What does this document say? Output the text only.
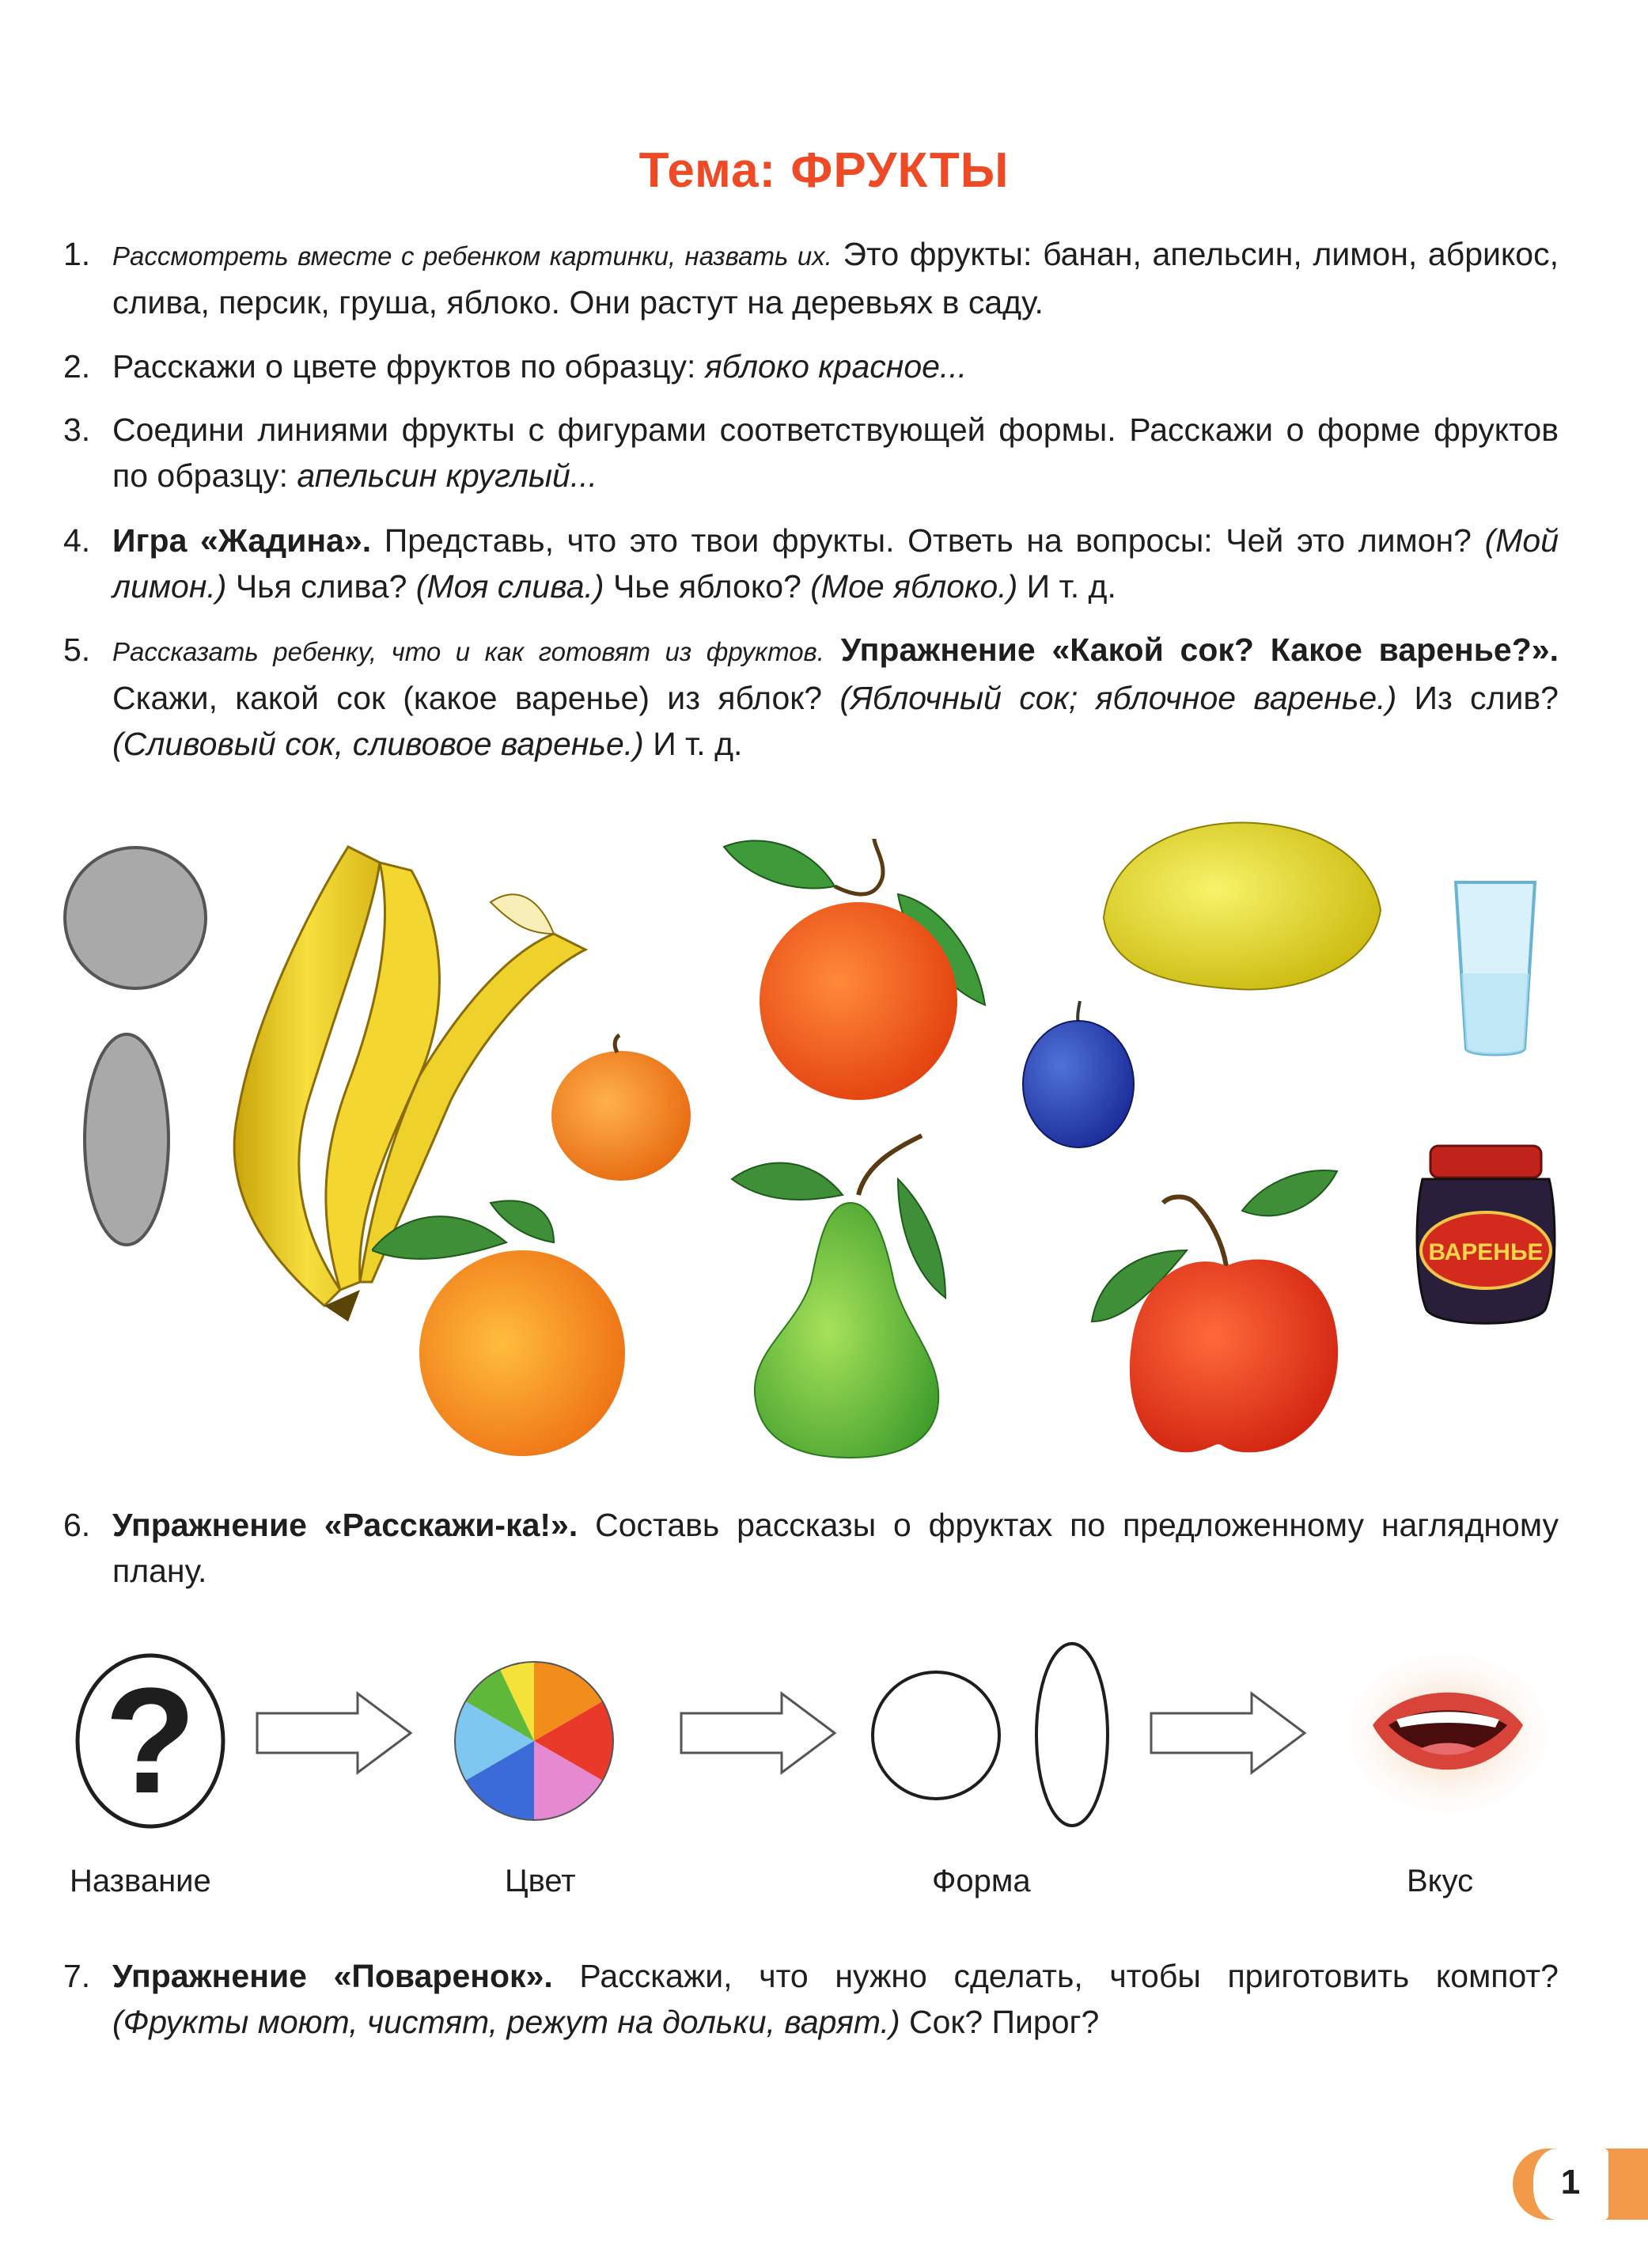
Тема: ФРУКТЫ
1. Рассмотреть вместе с ребенком картинки, назвать их. Это фрукты: банан, апельсин, лимон, абрикос, слива, персик, груша, яблоко. Они растут на деревьях в саду.
2. Расскажи о цвете фруктов по образцу: яблоко красное...
3. Соедини линиями фрукты с фигурами соответствующей формы. Расскажи о форме фруктов по образцу: апельсин круглый...
4. Игра «Жадина». Представь, что это твои фрукты. Ответь на вопросы: Чей это лимон? (Мой лимон.) Чья слива? (Моя слива.) Чье яблоко? (Мое яблоко.) И т. д.
5. Рассказать ребенку, что и как готовят из фруктов. Упражнение «Какой сок? Какое варенье?». Скажи, какой сок (какое варенье) из яблок? (Яблочный сок; яблочное варенье.) Из слив? (Сливовый сок, сливовое варенье.) И т. д.
ВАРЕНЬЕ
6. Упражнение «Расскажи-ка!». Составь рассказы о фруктах по предложенному наглядному плану.
?
Название	Цвет	Форма	Вкус
7. Упражнение «Поваренок». Расскажи, что нужно сделать, чтобы приготовить компот? (Фрукты моют, чистят, режут на дольки, варят.) Сок? Пирог?
1
